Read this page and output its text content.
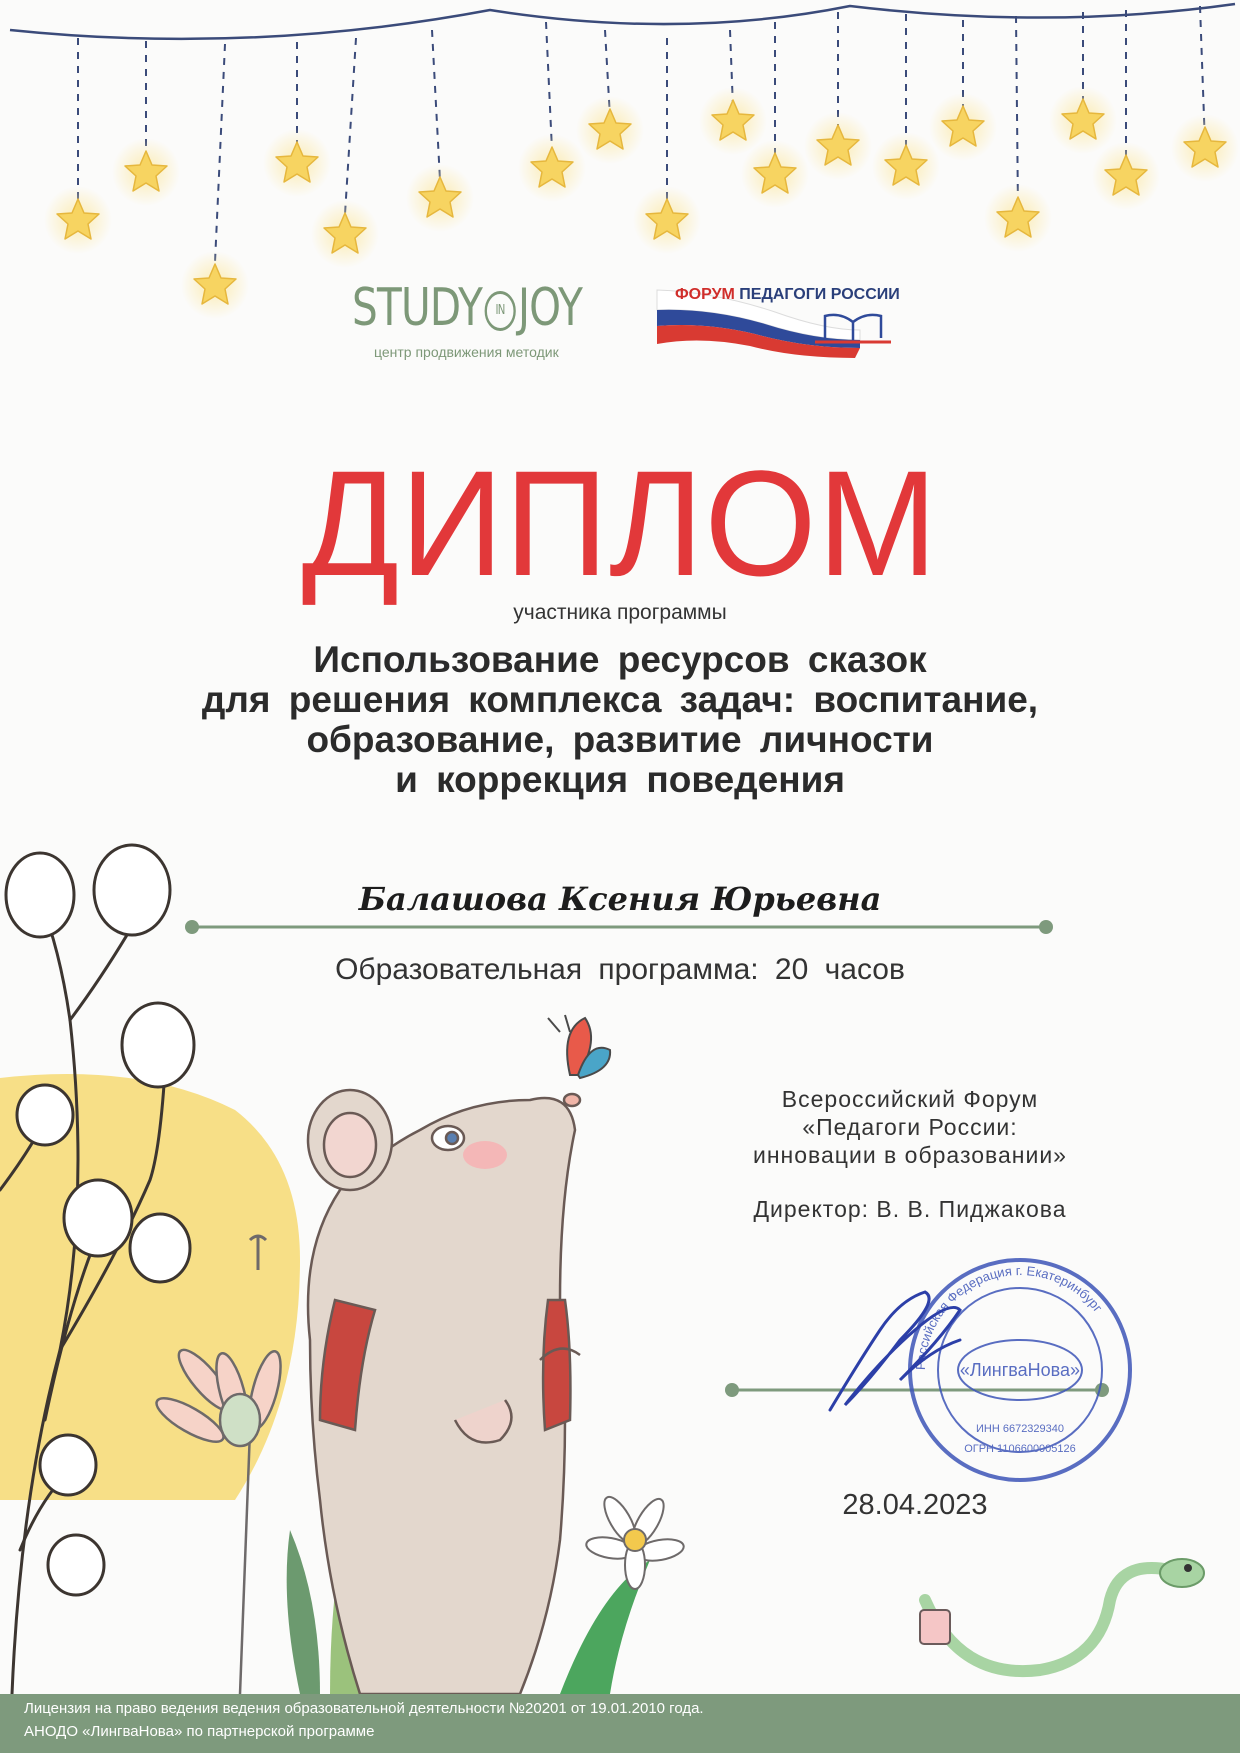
STUDY IN JOY
центр продвижения методик
ФОРУМ ПЕДАГОГИ РОССИИ
ДИПЛОМ
участника программы
Использование ресурсов сказок
для решения комплекса задач: воспитание,
образование, развитие личности
и коррекция поведения
Балашова Ксения Юрьевна
Образовательная программа: 20 часов
Всероссийский Форум
«Педагоги России:
инновации в образовании»
Директор: В. В. Пиджакова
«ЛингваНова»
Российская Федерация г. Екатеринбург
ИНН 6672329340
ОГРН 1106600005126
28.04.2023
Лицензия на право ведения ведения образовательной деятельности №20201 от 19.01.2010 года.
АНОДО «ЛингваНова» по партнерской программе
